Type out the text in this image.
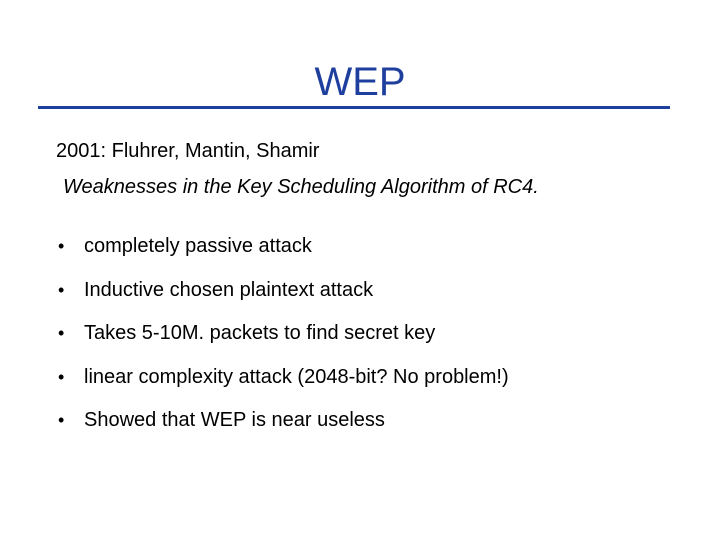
WEP
2001: Fluhrer, Mantin, Shamir
Weaknesses in the Key Scheduling Algorithm of RC4.
• completely passive attack
• Inductive chosen plaintext attack
• Takes 5-10M. packets to find secret key
• linear complexity attack (2048-bit? No problem!)
• Showed that WEP is near useless
